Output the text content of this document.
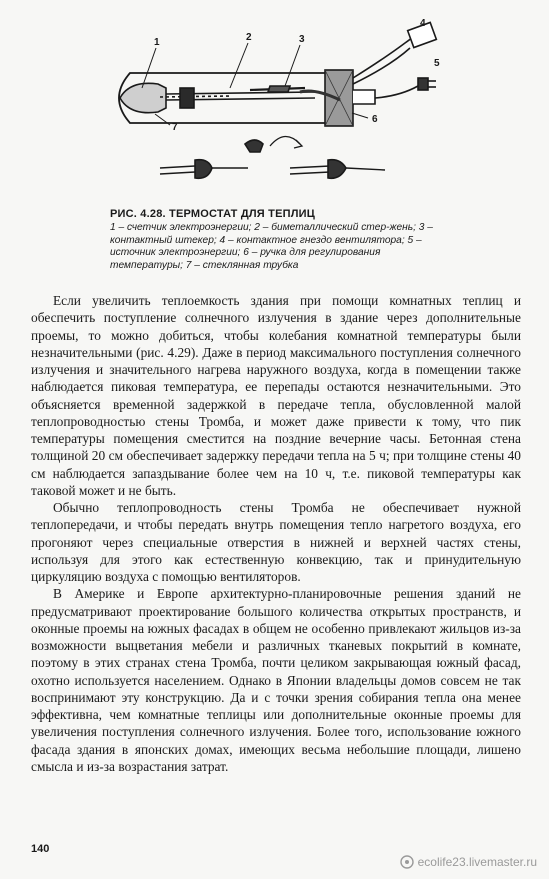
1	2	3
4
5
6
7

РИС. 4.28. ТЕРМОСТАТ ДЛЯ ТЕПЛИЦ

1 – счетчик электроэнергии; 2 – биметаллический стер-жень; 3 – контактный штекер; 4 – контактное гнездо вентилятора; 5 – источник электроэнергии; 6 – ручка для регулирования температуры; 7 – стеклянная трубка

Если увеличить теплоемкость здания при помощи комнатных теплиц и обеспечить поступление солнечного излучения в здание через дополнительные проемы, то можно добиться, чтобы колебания комнатной температуры были незначительными (рис. 4.29). Даже в период максимального поступления солнечного излучения и значительного нагрева наружного воздуха, когда в помещении также наблюдается пиковая температура, ее перепады остаются незначительными. Это объясняется временной задержкой в передаче тепла, обусловленной малой теплопроводностью стены Тромба, и может даже привести к тому, что пик температуры помещения сместится на поздние вечерние часы. Бетонная стена толщиной 20 см обеспечивает задержку передачи тепла на 5 ч; при толщине стены 40 см наблюдается запаздывание более чем на 10 ч, т.е. пиковой температуры как таковой может и не быть.

Обычно теплопроводность стены Тромба не обеспечивает нужной теплопередачи, и чтобы передать внутрь помещения тепло нагретого воздуха, его прогоняют через специальные отверстия в нижней и верхней частях стены, используя для этого как естественную конвекцию, так и принудительную циркуляцию воздуха с помощью вентиляторов.

В Америке и Европе архитектурно-планировочные решения зданий не предусматривают проектирование большого количества открытых пространств, и оконные проемы на южных фасадах в общем не особенно привлекают жильцов из-за возможности выцветания мебели и различных тканевых покрытий в комнате, поэтому в этих странах стена Тромба, почти целиком закрывающая южный фасад, охотно используется населением. Однако в Японии владельцы домов совсем не так воспринимают эту конструкцию. Да и с точки зрения собирания тепла она менее эффективна, чем комнатные теплицы или дополнительные оконные проемы для увеличения поступления солнечного излучения. Более того, использование южного фасада здания в японских домах, имеющих весьма небольшие площади, лишено смысла и из-за возрастания затрат.

140
ecolife23.livemaster.ru
